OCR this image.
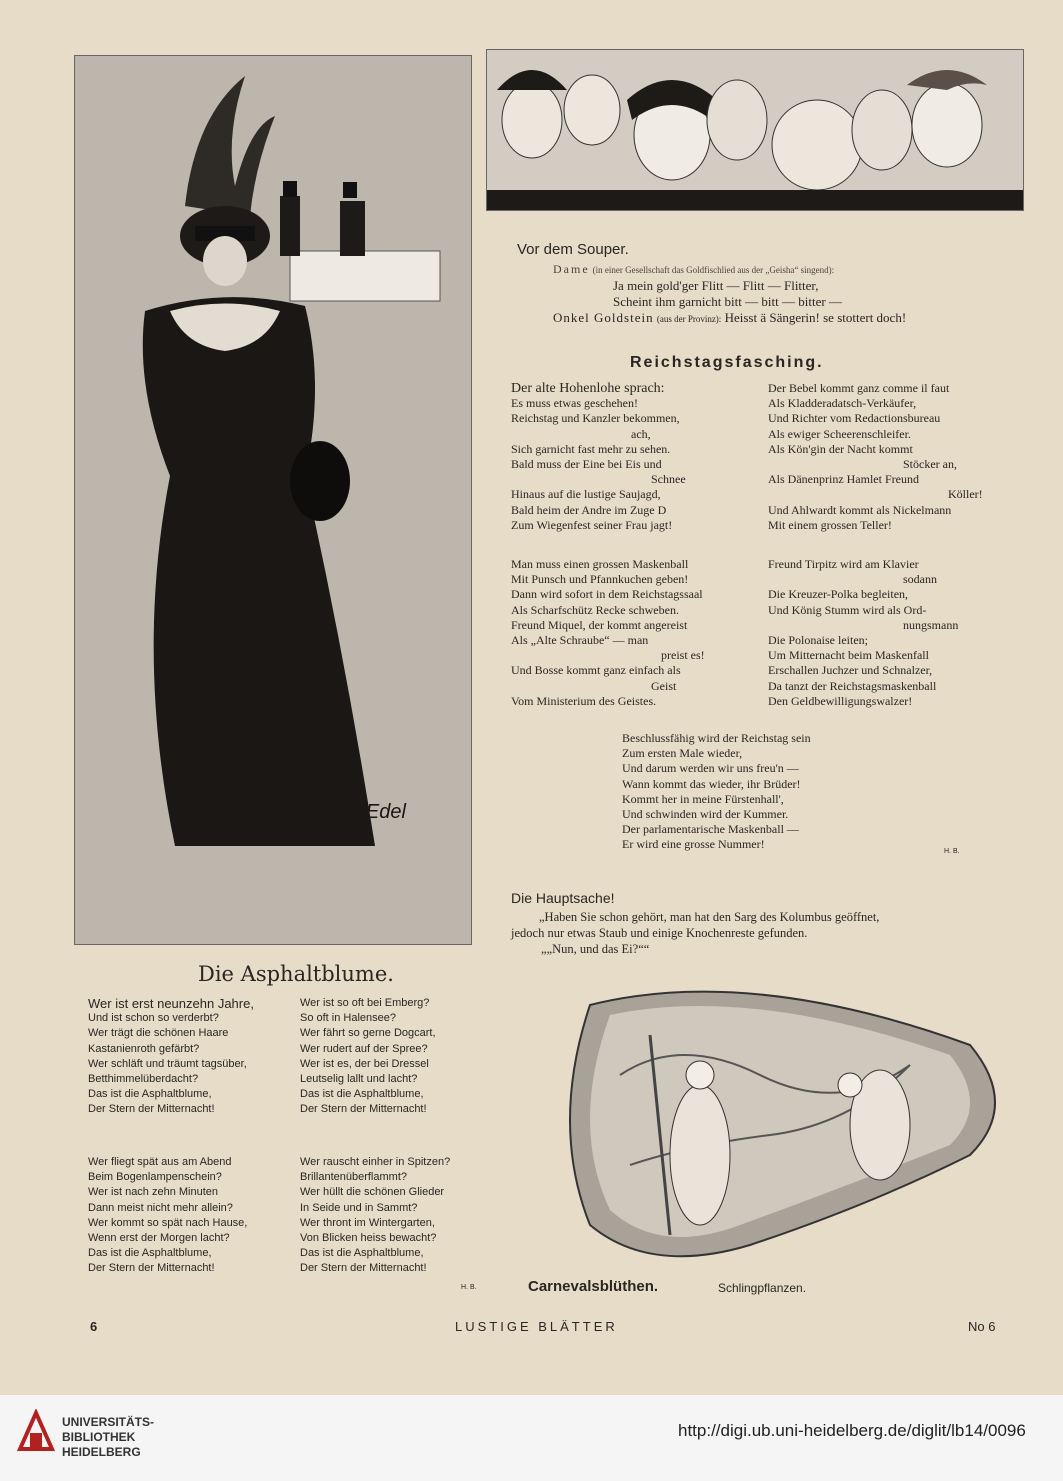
E Edel
Vor dem Souper.
Dame (in einer Gesellschaft das Goldfischlied aus der „Geisha“ singend):
Ja mein gold'ger Flitt — Flitt — Flitter,
Scheint ihm garnicht bitt — bitt — bitter —
Onkel Goldstein (aus der Provinz): Heisst ä Sängerin! se stottert doch!
Reichstagsfasching.
Der alte Hohenlohe sprach:
Es muss etwas geschehen!
Reichstag und Kanzler bekommen,
ach,
Sich garnicht fast mehr zu sehen.
Bald muss der Eine bei Eis und
Schnee
Hinaus auf die lustige Saujagd,
Bald heim der Andre im Zuge D
Zum Wiegenfest seiner Frau jagt!
Man muss einen grossen Maskenball
Mit Punsch und Pfannkuchen geben!
Dann wird sofort in dem Reichstagssaal
Als Scharfschütz Recke schweben.
Freund Miquel, der kommt angereist
Als „Alte Schraube“ — man
preist es!
Und Bosse kommt ganz einfach als
Geist
Vom Ministerium des Geistes.
Der Bebel kommt ganz comme il faut
Als Kladderadatsch-Verkäufer,
Und Richter vom Redactionsbureau
Als ewiger Scheerenschleifer.
Als Kön'gin der Nacht kommt
Stöcker an,
Als Dänenprinz Hamlet Freund
Köller!
Und Ahlwardt kommt als Nickelmann
Mit einem grossen Teller!
Freund Tirpitz wird am Klavier
sodann
Die Kreuzer-Polka begleiten,
Und König Stumm wird als Ord-
nungsmann
Die Polonaise leiten;
Um Mitternacht beim Maskenfall
Erschallen Juchzer und Schnalzer,
Da tanzt der Reichstagsmaskenball
Den Geldbewilligungswalzer!
Beschlussfähig wird der Reichstag sein
Zum ersten Male wieder,
Und darum werden wir uns freu'n —
Wann kommt das wieder, ihr Brüder!
Kommt her in meine Fürstenhall',
Und schwinden wird der Kummer.
Der parlamentarische Maskenball —
Er wird eine grosse Nummer!
H. B.
Die Hauptsache!
„Haben Sie schon gehört, man hat den Sarg des Kolumbus geöffnet,
jedoch nur etwas Staub und einige Knochenreste gefunden.
„„Nun, und das Ei?““
Carnevalsblüthen.	Schlingpflanzen.
Die Asphaltblume.
Wer ist erst neunzehn Jahre,
Und ist schon so verderbt?
Wer trägt die schönen Haare
Kastanienroth gefärbt?
Wer schläft und träumt tagsüber,
Betthimmelüberdacht?
Das ist die Asphaltblume,
Der Stern der Mitternacht!
Wer fliegt spät aus am Abend
Beim Bogenlampenschein?
Wer ist nach zehn Minuten
Dann meist nicht mehr allein?
Wer kommt so spät nach Hause,
Wenn erst der Morgen lacht?
Das ist die Asphaltblume,
Der Stern der Mitternacht!
Wer ist so oft bei Emberg?
So oft in Halensee?
Wer fährt so gerne Dogcart,
Wer rudert auf der Spree?
Wer ist es, der bei Dressel
Leutselig lallt und lacht?
Das ist die Asphaltblume,
Der Stern der Mitternacht!
Wer rauscht einher in Spitzen?
Brillantenüberflammt?
Wer hüllt die schönen Glieder
In Seide und in Sammt?
Wer thront im Wintergarten,
Von Blicken heiss bewacht?
Das ist die Asphaltblume,
Der Stern der Mitternacht!
H. B.
6	LUSTIGE BLÄTTER	No 6
UNIVERSITÄTS-
BIBLIOTHEK
HEIDELBERG
http://digi.ub.uni-heidelberg.de/diglit/lb14/0096
